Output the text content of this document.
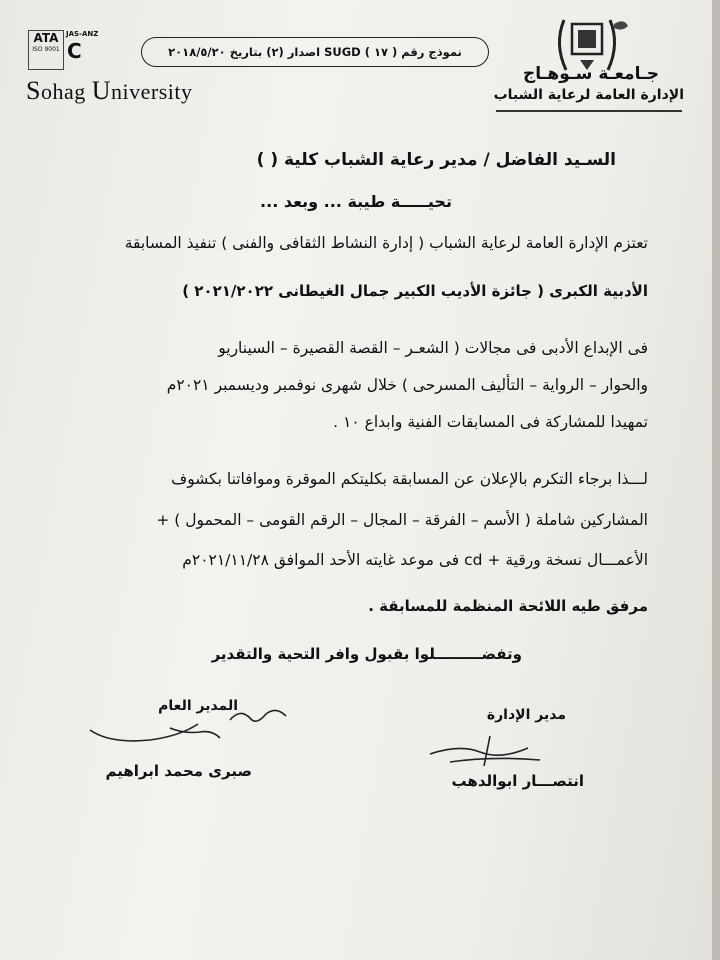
ATA
ISO 9001
JAS-ANZ
C
Sohag University
نموذج رقم ( ١٧ ) SUGD اصدار (٢) بتاريخ ٢٠١٨/٥/٢٠
جـامعـة سـوهـاج
الإدارة العامة لرعاية الشباب
السـيد الفاضل / مدير رعاية الشباب كلية ( )
تحيـــــة طيبة ... وبعد ...
تعتزم الإدارة العامة لرعاية الشباب ( إدارة النشاط الثقافى والفنى ) تنفيذ المسابقة
الأدبية الكبرى ( جائزة الأديب الكبير جمال الغيطانى ٢٠٢١/٢٠٢٢ )
فى الإبداع الأدبى فى مجالات ( الشعـر – القصة القصيرة – السيناريو
والحوار – الرواية – التأليف المسرحى ) خلال شهرى نوفمبر وديسمبر ٢٠٢١م
تمهيدا للمشاركة فى المسابقات الفنية وابداع ١٠ .
لـــذا برجاء التكرم بالإعلان عن المسابقة بكليتكم الموقرة وموافاتنا بكشوف
المشاركين شاملة ( الأسم – الفرقة – المجال – الرقم القومى – المحمول ) +
الأعمـــال نسخة ورقية + cd فى موعد غايته الأحد الموافق ٢٠٢١/١١/٢٨م
مرفق طيه اللائحة المنظمة للمسابقة .
وتفضـــــــــلوا بقبول وافر التحية والتقدير
مدير الإدارة
انتصـــار ابوالدهب
المدير العام
صبرى محمد ابراهيم
